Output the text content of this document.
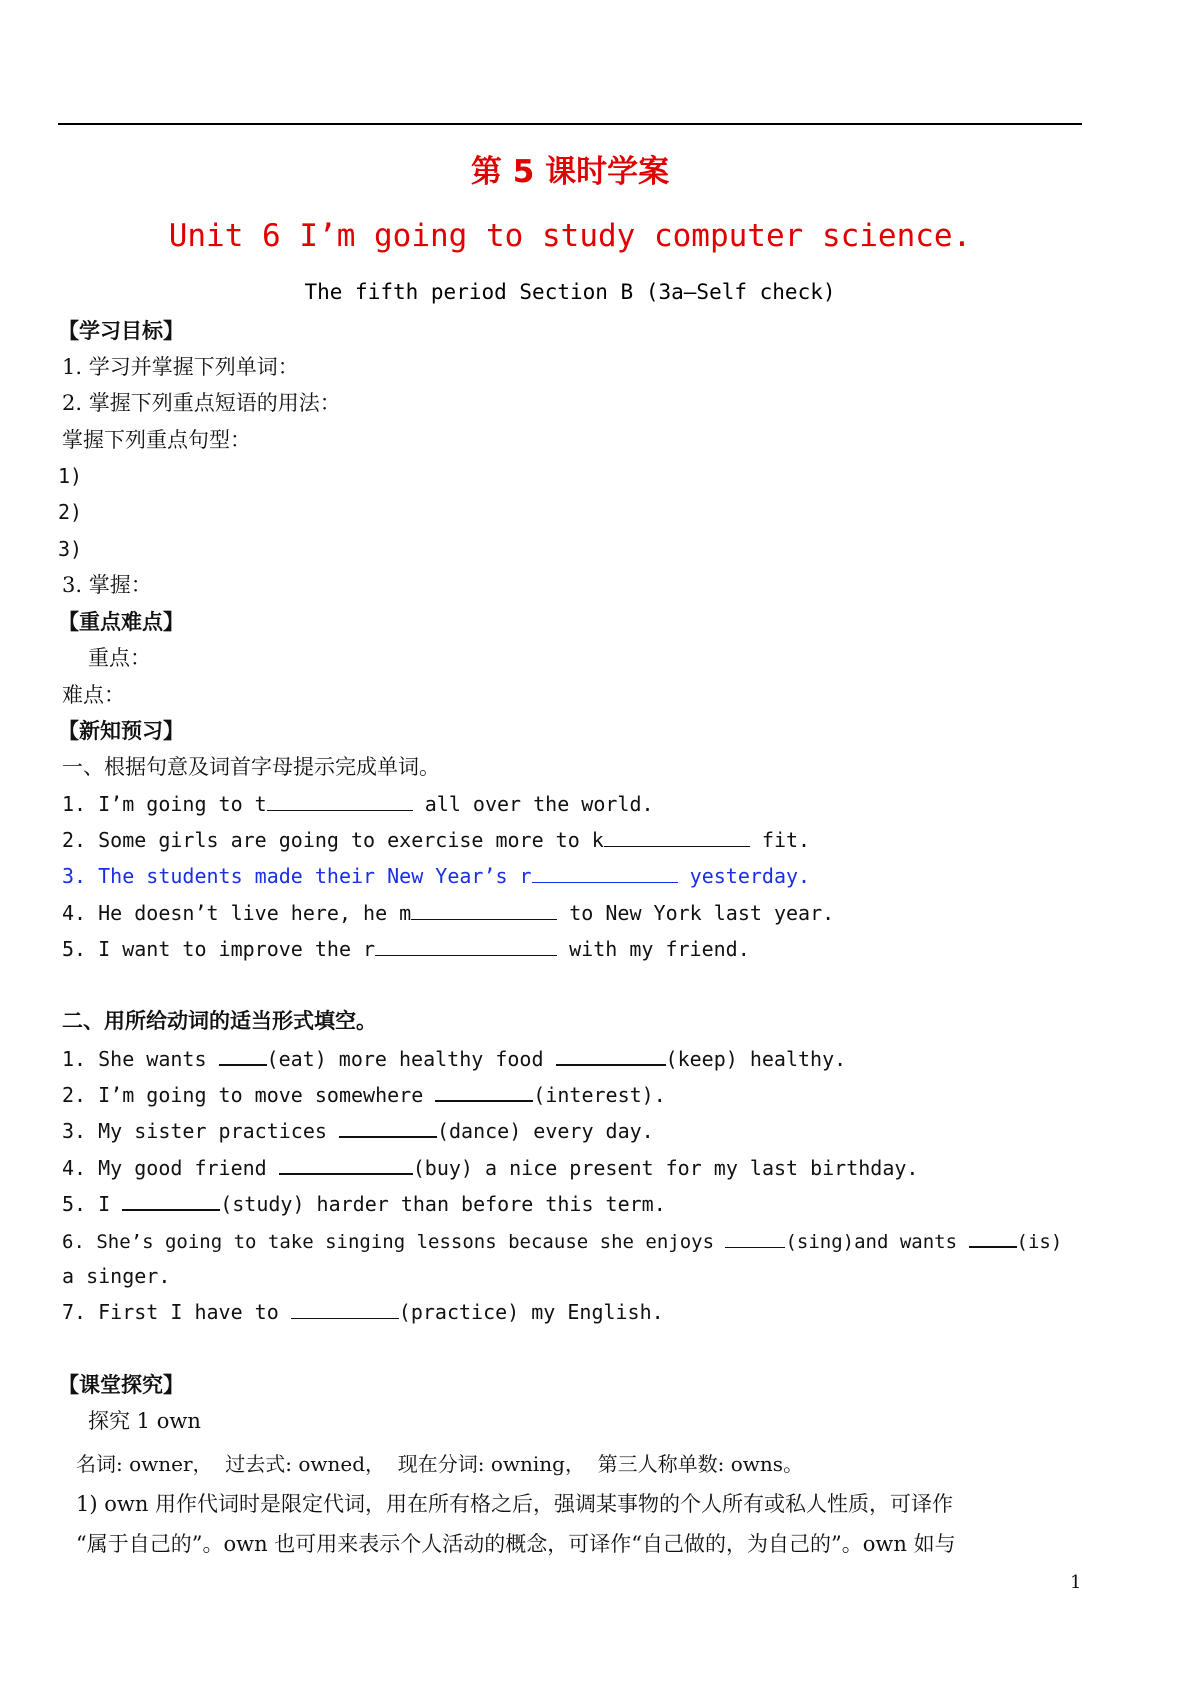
第 5 课时学案
Unit 6 I’m going to study computer science.
The fifth period Section B (3a—Self check)
【学习目标】
1. 学习并掌握下列单词：
2. 掌握下列重点短语的用法：
掌握下列重点句型：
1)
2)
3)
3. 掌握：
【重点难点】
重点：
难点：
【新知预习】
一、根据句意及词首字母提示完成单词。
1. I’m going to t	all over the world.
2. Some girls are going to exercise more to k	fit.
3. The students made their New Year’s r	yesterday.
4. He doesn’t live here, he m	to New York last year.
5. I want to improve the r	with my friend.
二、用所给动词的适当形式填空。
1. She wants (eat) more healthy food	(keep) healthy.
2. I’m going to move somewhere	(interest).
3. My sister practices	(dance) every day.
4. My good friend	(buy) a nice present for my last birthday.
5. I	(study) harder than before this term.
6. She’s going to take singing lessons because she enjoys	(sing)and wants	(is)
a singer.
7. First I have to	(practice) my English.
【课堂探究】
探究 1 own
名词: owner，  过去式: owned，  现在分词: owning，  第三人称单数: owns。
1) own 用作代词时是限定代词，用在所有格之后，强调某事物的个人所有或私人性质，可译作
“属于自己的”。own 也可用来表示个人活动的概念，可译作“自己做的，为自己的”。own 如与
1
